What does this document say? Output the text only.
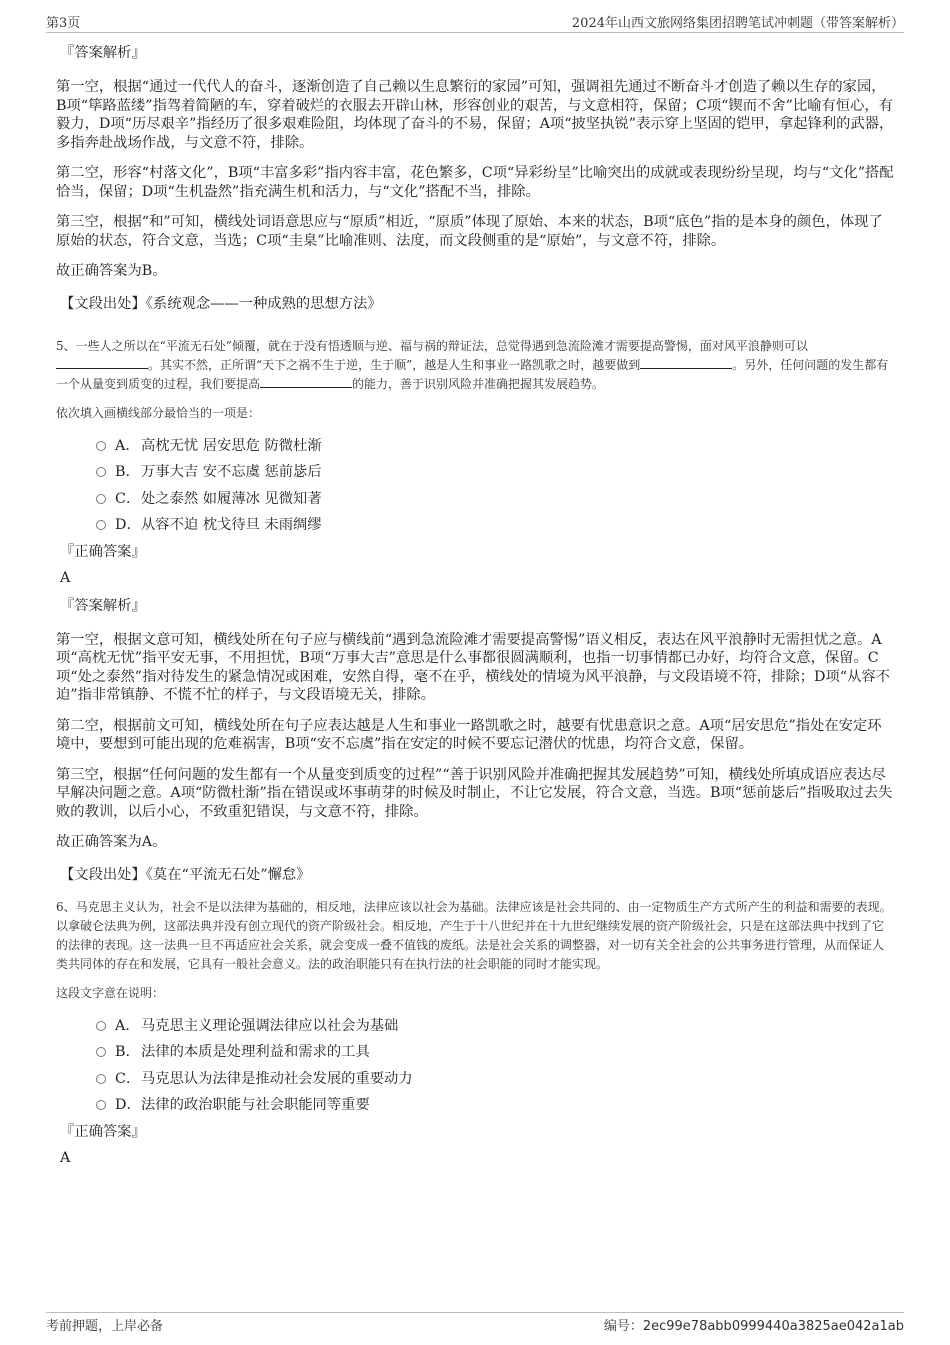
第3页	2024年山西文旅网络集团招聘笔试冲刺题（带答案解析）
『答案解析』

第一空，根据“通过一代代人的奋斗，逐渐创造了自己赖以生息繁衍的家园”可知，强调祖先通过不断奋斗才创造了赖以生存的家园，B项“筚路蓝缕”指驾着简陋的车，穿着破烂的衣服去开辟山林，形容创业的艰苦，与文意相符，保留；C项“锲而不舍”比喻有恒心，有毅力，D项“历尽艰辛”指经历了很多艰难险阻，均体现了奋斗的不易，保留；A项“披坚执锐”表示穿上坚固的铠甲，拿起锋利的武器，多指奔赴战场作战，与文意不符，排除。

第二空，形容“村落文化”，B项“丰富多彩”指内容丰富，花色繁多，C项“异彩纷呈”比喻突出的成就或表现纷纷呈现，均与“文化”搭配恰当，保留；D项“生机盎然”指充满生机和活力，与“文化”搭配不当，排除。

第三空，根据“和”可知，横线处词语意思应与“原质”相近，“原质”体现了原始、本来的状态，B项“底色”指的是本身的颜色，体现了原始的状态，符合文意，当选；C项“圭臬”比喻准则、法度，而文段侧重的是“原始”，与文意不符，排除。

故正确答案为B。

【文段出处】《系统观念——一种成熟的思想方法》

5、一些人之所以在“平流无石处”倾覆，就在于没有悟透顺与逆、福与祸的辩证法，总觉得遇到急流险滩才需要提高警惕，面对风平浪静则可以。其实不然，正所谓“天下之祸不生于逆，生于顺”，越是人生和事业一路凯歌之时，越要做到	。另外，任何问题的发生都有一个从量变到质变的过程，我们要提高	的能力，善于识别风险并准确把握其发展趋势。

依次填入画横线部分最恰当的一项是：

A．高枕无忧 居安思危 防微杜渐
B．万事大吉 安不忘虞 惩前毖后
C．处之泰然 如履薄冰 见微知著
D．从容不迫 枕戈待旦 未雨绸缪
『正确答案』
A
『答案解析』

第一空，根据文意可知，横线处所在句子应与横线前“遇到急流险滩才需要提高警惕”语义相反，表达在风平浪静时无需担忧之意。A项“高枕无忧”指平安无事，不用担忧，B项“万事大吉”意思是什么事都很圆满顺利，也指一切事情都已办好，均符合文意，保留。C项“处之泰然”指对待发生的紧急情况或困难，安然自得，毫不在乎，横线处的情境为风平浪静，与文段语境不符，排除；D项“从容不迫”指非常镇静、不慌不忙的样子，与文段语境无关，排除。

第二空，根据前文可知，横线处所在句子应表达越是人生和事业一路凯歌之时，越要有忧患意识之意。A项“居安思危”指处在安定环境中，要想到可能出现的危难祸害，B项“安不忘虞”指在安定的时候不要忘记潜伏的忧患，均符合文意，保留。

第三空，根据“任何问题的发生都有一个从量变到质变的过程”“善于识别风险并准确把握其发展趋势”可知，横线处所填成语应表达尽早解决问题之意。A项“防微杜渐”指在错误或坏事萌芽的时候及时制止，不让它发展，符合文意，当选。B项“惩前毖后”指吸取过去失败的教训，以后小心，不致重犯错误，与文意不符，排除。

故正确答案为A。

【文段出处】《莫在“平流无石处”懈怠》

6、马克思主义认为，社会不是以法律为基础的，相反地，法律应该以社会为基础。法律应该是社会共同的、由一定物质生产方式所产生的利益和需要的表现。以拿破仑法典为例，这部法典并没有创立现代的资产阶级社会。相反地，产生于十八世纪并在十九世纪继续发展的资产阶级社会，只是在这部法典中找到了它的法律的表现。这一法典一旦不再适应社会关系，就会变成一叠不值钱的废纸。法是社会关系的调整器，对一切有关全社会的公共事务进行管理，从而保证人类共同体的存在和发展，它具有一般社会意义。法的政治职能只有在执行法的社会职能的同时才能实现。

这段文字意在说明：

A．马克思主义理论强调法律应以社会为基础
B．法律的本质是处理利益和需求的工具
C．马克思认为法律是推动社会发展的重要动力
D．法律的政治职能与社会职能同等重要
『正确答案』
A
考前押题，上岸必备	编号：2ec99e78abb0999440a3825ae042a1ab
